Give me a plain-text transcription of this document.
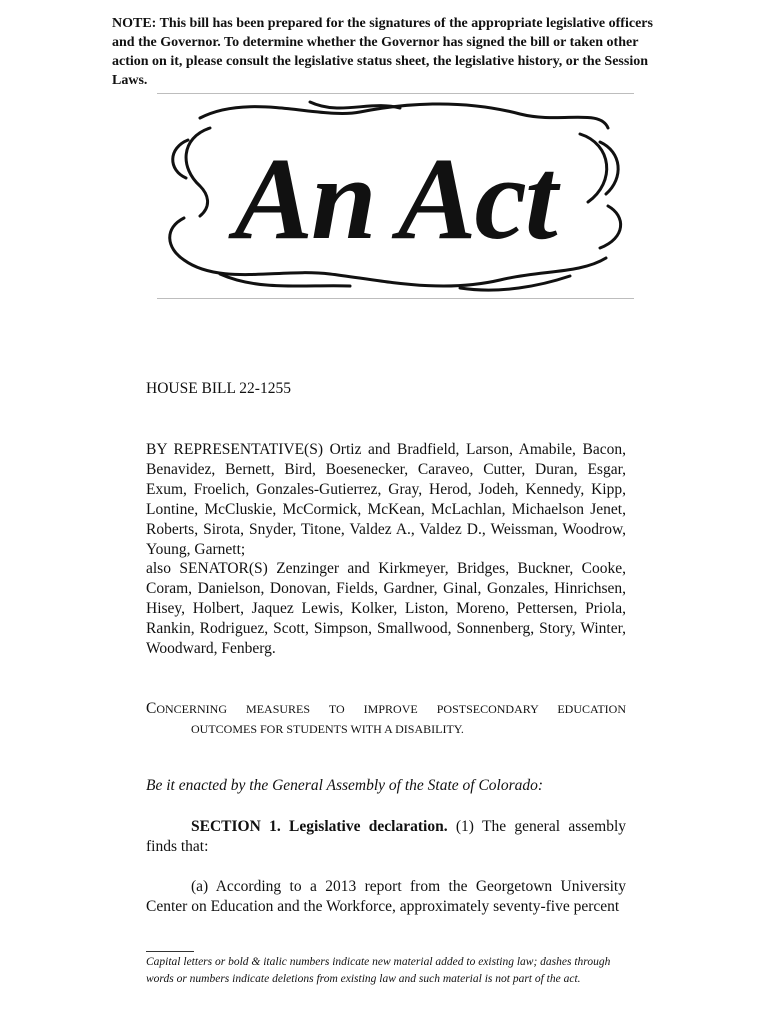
NOTE: This bill has been prepared for the signatures of the appropriate legislative officers and the Governor. To determine whether the Governor has signed the bill or taken other action on it, please consult the legislative status sheet, the legislative history, or the Session Laws.

An Act

HOUSE BILL 22-1255

BY REPRESENTATIVE(S) Ortiz and Bradfield, Larson, Amabile, Bacon, Benavidez, Bernett, Bird, Boesenecker, Caraveo, Cutter, Duran, Esgar, Exum, Froelich, Gonzales-Gutierrez, Gray, Herod, Jodeh, Kennedy, Kipp, Lontine, McCluskie, McCormick, McKean, McLachlan, Michaelson Jenet, Roberts, Sirota, Snyder, Titone, Valdez A., Valdez D., Weissman, Woodrow, Young, Garnett;

also SENATOR(S) Zenzinger and Kirkmeyer, Bridges, Buckner, Cooke, Coram, Danielson, Donovan, Fields, Gardner, Ginal, Gonzales, Hinrichsen, Hisey, Holbert, Jaquez Lewis, Kolker, Liston, Moreno, Pettersen, Priola, Rankin, Rodriguez, Scott, Simpson, Smallwood, Sonnenberg, Story, Winter, Woodward, Fenberg.

CONCERNING MEASURES TO IMPROVE POSTSECONDARY EDUCATION
OUTCOMES FOR STUDENTS WITH A DISABILITY.

Be it enacted by the General Assembly of the State of Colorado:

SECTION 1. Legislative declaration. (1) The general assembly finds that:

(a) According to a 2013 report from the Georgetown University Center on Education and the Workforce, approximately seventy-five percent

Capital letters or bold & italic numbers indicate new material added to existing law; dashes through words or numbers indicate deletions from existing law and such material is not part of the act.
